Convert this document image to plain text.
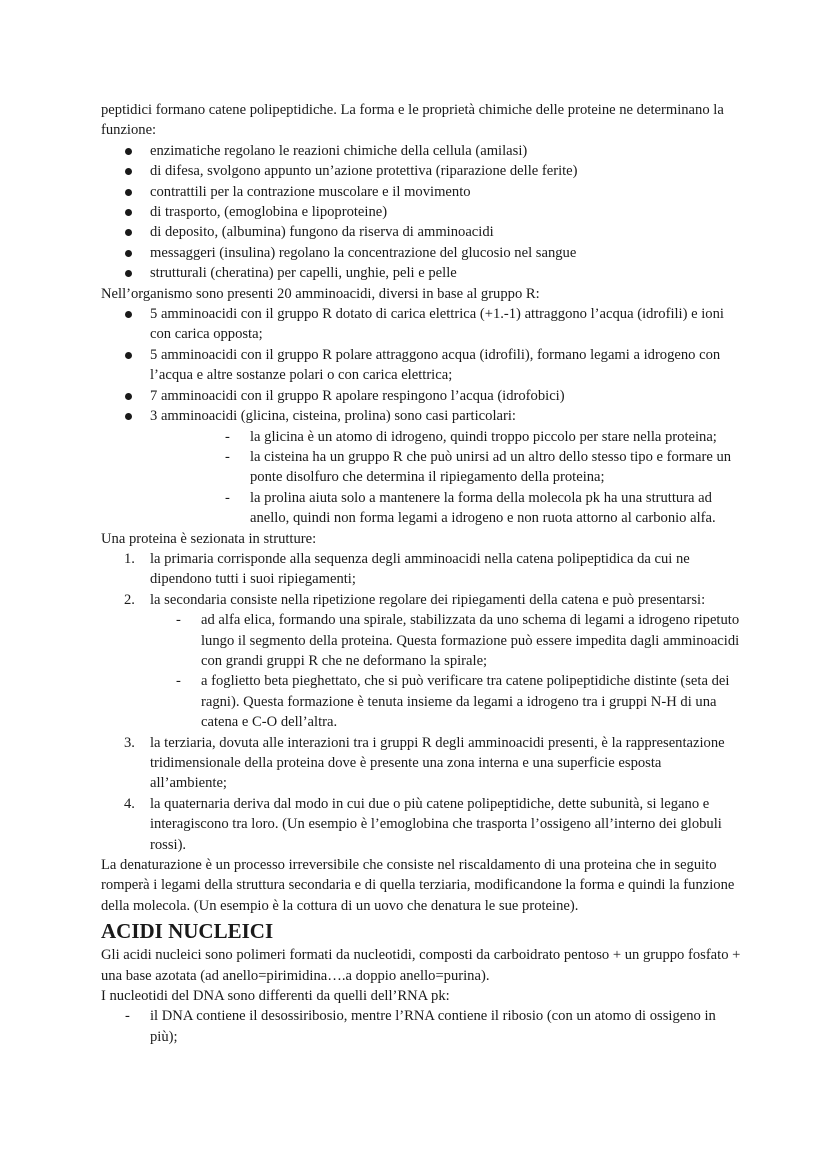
peptidici formano catene polipeptidiche. La forma e le proprietà chimiche delle proteine ne determinano la funzione:

enzimatiche regolano le reazioni chimiche della cellula (amilasi)
di difesa, svolgono appunto un’azione protettiva (riparazione delle ferite)
contrattili per la contrazione muscolare e il movimento
di trasporto, (emoglobina e lipoproteine)
di deposito, (albumina) fungono da riserva di amminoacidi
messaggeri (insulina) regolano la concentrazione del glucosio nel sangue
strutturali (cheratina) per capelli, unghie, peli e pelle

Nell’organismo sono presenti 20 amminoacidi, diversi in base al gruppo R:

5 amminoacidi con il gruppo R dotato di carica elettrica (+1.-1) attraggono l’acqua (idrofili) e ioni con carica opposta;
5 amminoacidi con il gruppo R polare attraggono acqua (idrofili), formano legami a idrogeno con l’acqua e altre sostanze polari o con carica elettrica;
7 amminoacidi con il gruppo R apolare respingono l’acqua (idrofobici)
3 amminoacidi (glicina, cisteina, prolina) sono casi particolari:
- la glicina è un atomo di idrogeno, quindi troppo piccolo per stare nella proteina;
- la cisteina ha un gruppo R che può unirsi ad un altro dello stesso tipo e formare un ponte disolfuro che determina il ripiegamento della proteina;
- la prolina aiuta solo a mantenere la forma della molecola pk ha una struttura ad anello, quindi non forma legami a idrogeno e non ruota attorno al carbonio alfa.

Una proteina è sezionata in strutture:

1. la primaria corrisponde alla sequenza degli amminoacidi nella catena polipeptidica da cui ne dipendono tutti i suoi ripiegamenti;
2. la secondaria consiste nella ripetizione regolare dei ripiegamenti della catena e può presentarsi:
- ad alfa elica, formando una spirale, stabilizzata da uno schema di legami a idrogeno ripetuto lungo il segmento della proteina. Questa formazione può essere impedita dagli amminoacidi con grandi gruppi R che ne deformano la spirale;
- a foglietto beta pieghettato, che si può verificare tra catene polipeptidiche distinte (seta dei ragni). Questa formazione è tenuta insieme da legami a idrogeno tra i gruppi N-H di una catena e C-O dell’altra.
3. la terziaria, dovuta alle interazioni tra i gruppi R degli amminoacidi presenti, è la rappresentazione tridimensionale della proteina dove è presente una zona interna e una superficie esposta all’ambiente;
4. la quaternaria deriva dal modo in cui due o più catene polipeptidiche, dette subunità, si legano e interagiscono tra loro. (Un esempio è l’emoglobina che trasporta l’ossigeno all’interno dei globuli rossi).

La denaturazione è un processo irreversibile che consiste nel riscaldamento di una proteina che in seguito romperà i legami della struttura secondaria e di quella terziaria, modificandone la forma e quindi la funzione della molecola. (Un esempio è la cottura di un uovo che denatura le sue proteine).

ACIDI NUCLEICI

Gli acidi nucleici sono polimeri formati da nucleotidi, composti da carboidrato pentoso + un gruppo fosfato + una base azotata (ad anello=pirimidina….a doppio anello=purina).

I nucleotidi del DNA sono differenti da quelli dell’RNA pk:

- il DNA contiene il desossiribosio, mentre l’RNA contiene il ribosio (con un atomo di ossigeno in più);
